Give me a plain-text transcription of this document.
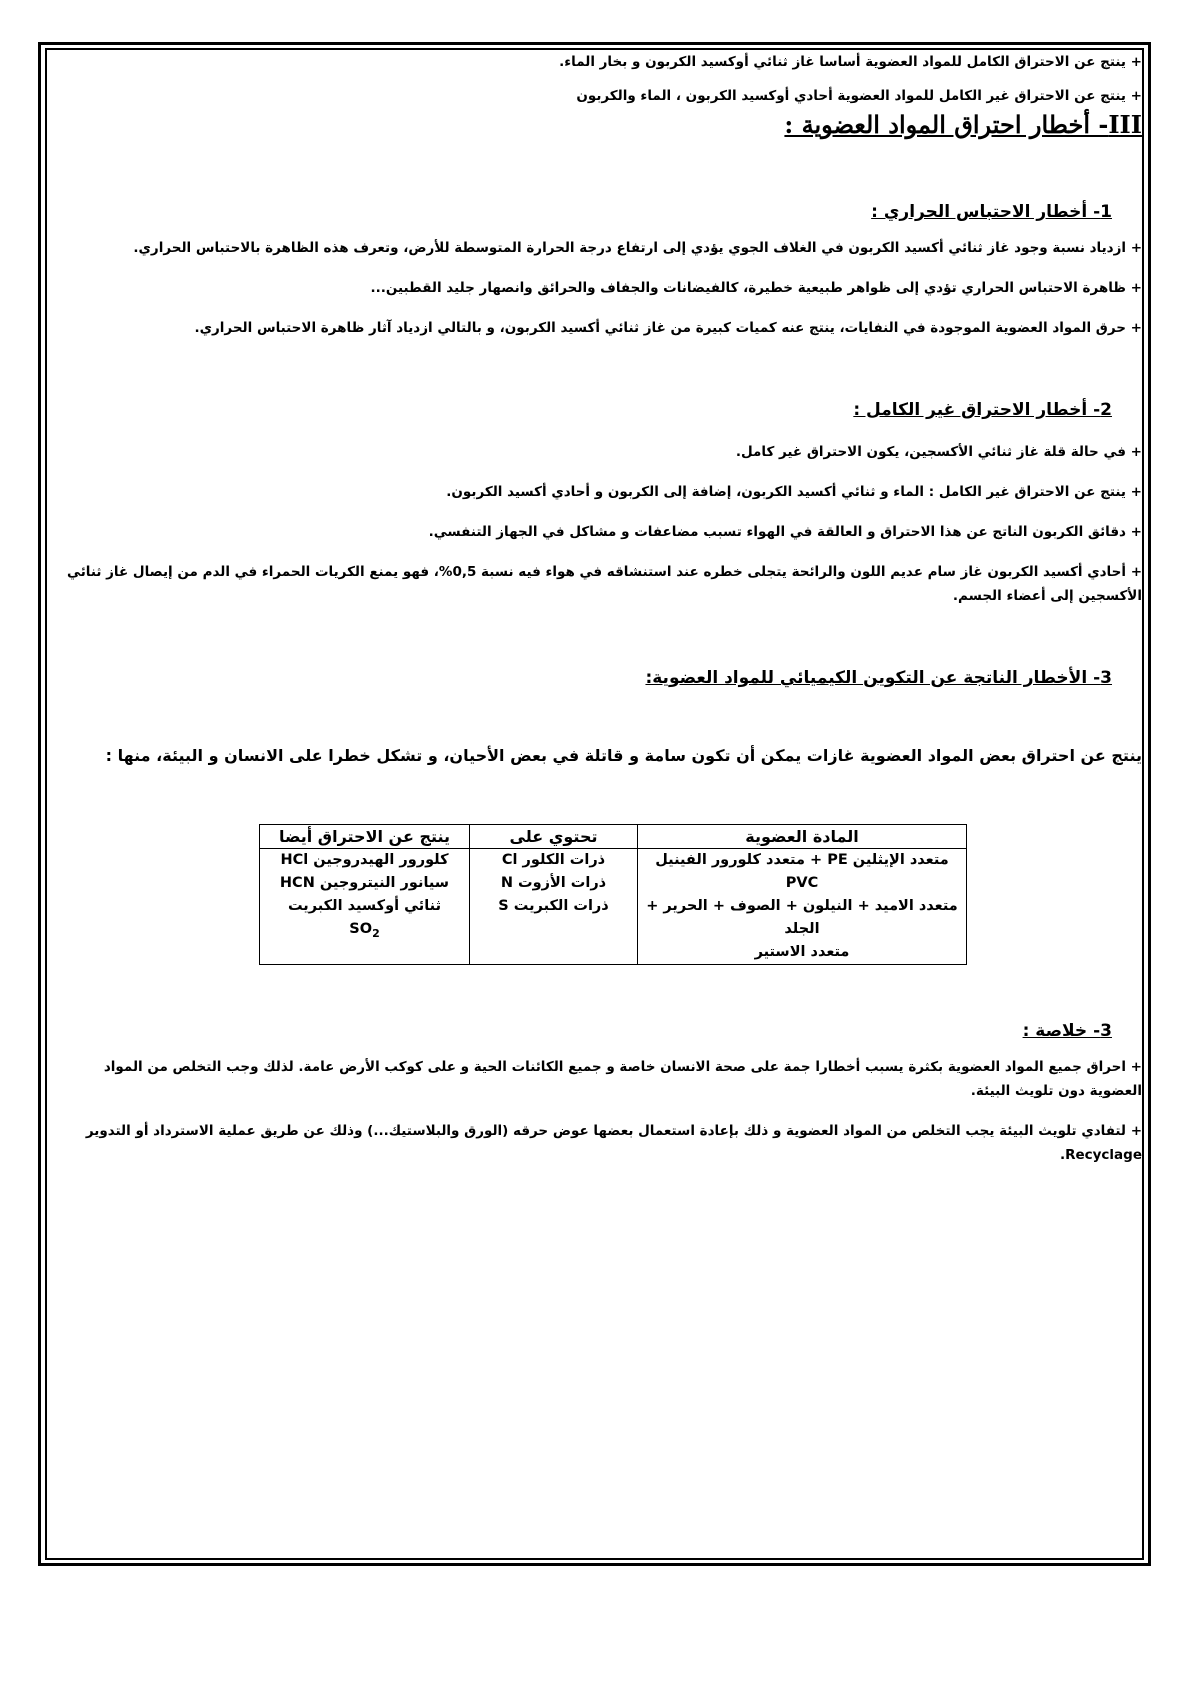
+ ينتج عن الاحتراق الكامل للمواد العضوية أساسا غاز ثنائي أوكسيد الكربون و بخار الماء.

+ ينتج عن الاحتراق غير الكامل للمواد العضوية أحادي أوكسيد الكربون ، الماء والكربون

III- أخطار احتراق المواد العضوية :
1- أخطار الاحتباس الحراري :

+ ازدياد نسبة وجود غاز ثنائي أكسيد الكربون في الغلاف الجوي يؤدي إلى ارتفاع درجة الحرارة المتوسطة للأرض، وتعرف هذه الظاهرة بالاحتباس الحراري.

+ ظاهرة الاحتباس الحراري تؤدي إلى ظواهر طبيعية خطيرة، كالفيضانات والجفاف والحرائق وانصهار جليد القطبين...

+ حرق المواد العضوية الموجودة في النفايات، ينتج عنه كميات كبيرة من غاز ثنائي أكسيد الكربون، و بالتالي ازدياد آثار ظاهرة الاحتباس الحراري.

2- أخطار الاحتراق غير الكامل :

+ في حالة قلة غاز ثنائي الأكسجين، يكون الاحتراق غير كامل.

+ ينتج عن الاحتراق غير الكامل : الماء و ثنائي أكسيد الكربون، إضافة إلى الكربون و أحادي أكسيد الكربون.

+ دقائق الكربون الناتج عن هذا الاحتراق و العالقة في الهواء تسبب مضاعفات و مشاكل في الجهاز التنفسي.

+ أحادي أكسيد الكربون غاز سام عديم اللون والرائحة يتجلى خطره عند استنشاقه في هواء فيه نسبة 0,5%، فهو يمنع الكريات الحمراء في الدم من إيصال غاز ثنائي الأكسجين إلى أعضاء الجسم.

3- الأخطار الناتجة عن التكوين الكيميائي للمواد العضوية:

ينتج عن احتراق بعض المواد العضوية غازات يمكن أن تكون سامة و قاتلة في بعض الأحيان، و تشكل خطرا على الانسان و البيئة، منها :

المادة العضوية	تحتوي على	ينتج عن الاحتراق أيضا

متعدد الإيثلين PE + متعدد كلورور الفينيل
PVC
متعدد الاميد + النيلون + الصوف + الحرير +
الجلد
متعدد الاستير	ذرات الكلور Cl
ذرات الأزوت N
ذرات الكبريت S	كلورور الهيدروجين HCl
سيانور النيتروجين HCN
ثنائي أوكسيد الكبريت
$SO_2$
3- خلاصة :

+ احراق جميع المواد العضوية بكثرة يسبب أخطارا جمة على صحة الانسان خاصة و جميع الكائنات الحية و على كوكب الأرض عامة. لذلك وجب التخلص من المواد العضوية دون تلويث البيئة.

+ لتفادي تلويث البيئة يجب التخلص من المواد العضوية و ذلك بإعادة استعمال بعضها عوض حرقه (الورق والبلاستيك...) وذلك عن طريق عملية الاسترداد أو التدوير Recyclage.
